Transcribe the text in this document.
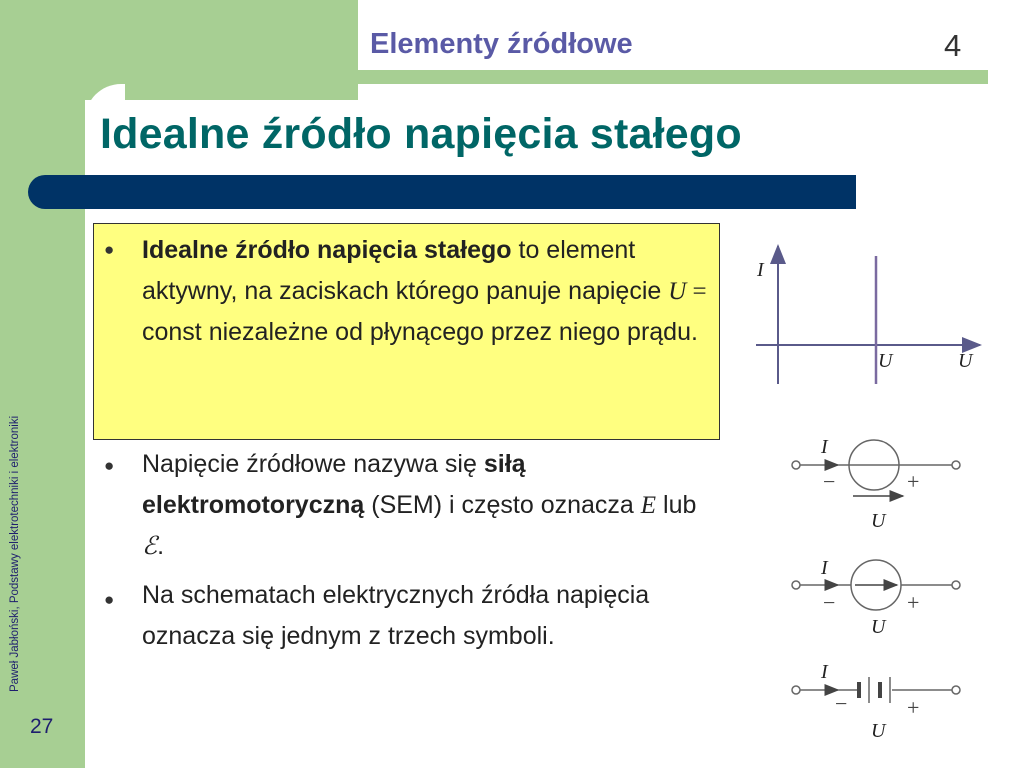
Elementy źródłowe	4
Idealne źródło napięcia stałego
Paweł Jabłoński, Podstawy elektrotechniki i elektroniki
27
● Idealne źródło napięcia stałego to element aktywny, na zaciskach którego panuje napięcie U = const niezależne od płynącego przez niego prądu.
● Napięcie źródłowe nazywa się siłą elektromotoryczną (SEM) i często oznacza E lub ℰ.
● Na schematach elektrycznych źródła napięcia oznacza się jednym z trzech symboli.
I
U	U
I
−	+
U
I
−	+
U
I
−	+
U
